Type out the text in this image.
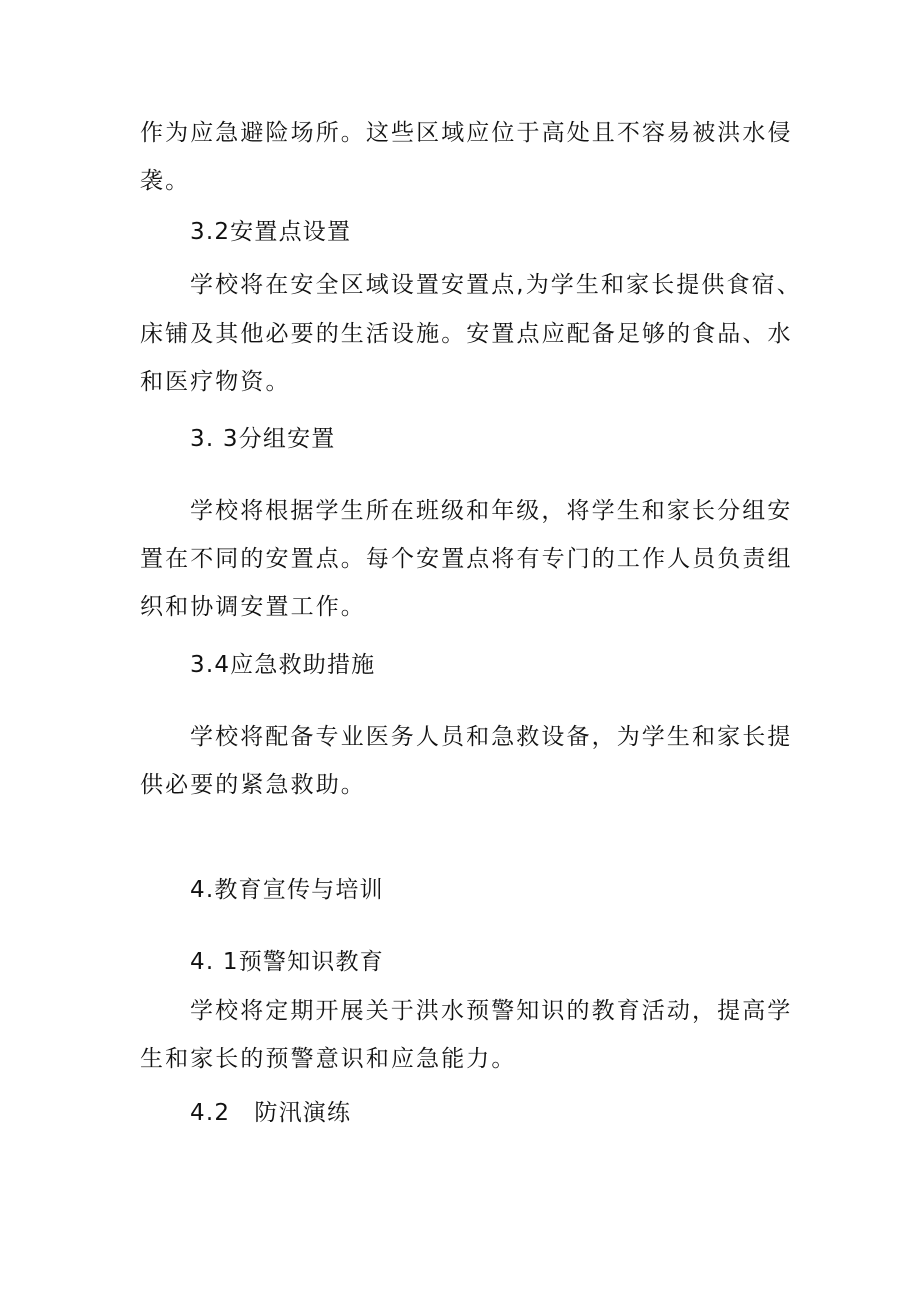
作为应急避险场所。这些区域应位于高处且不容易被洪水侵
袭。
3.2安置点设置
学校将在安全区域设置安置点,为学生和家长提供食宿、
床铺及其他必要的生活设施。安置点应配备足够的食品、水
和医疗物资。
3. 3分组安置
学校将根据学生所在班级和年级，将学生和家长分组安
置在不同的安置点。每个安置点将有专门的工作人员负责组
织和协调安置工作。
3.4应急救助措施
学校将配备专业医务人员和急救设备，为学生和家长提
供必要的紧急救助。
4.教育宣传与培训
4. 1预警知识教育
学校将定期开展关于洪水预警知识的教育活动，提高学
生和家长的预警意识和应急能力。
4.2　防汛演练
